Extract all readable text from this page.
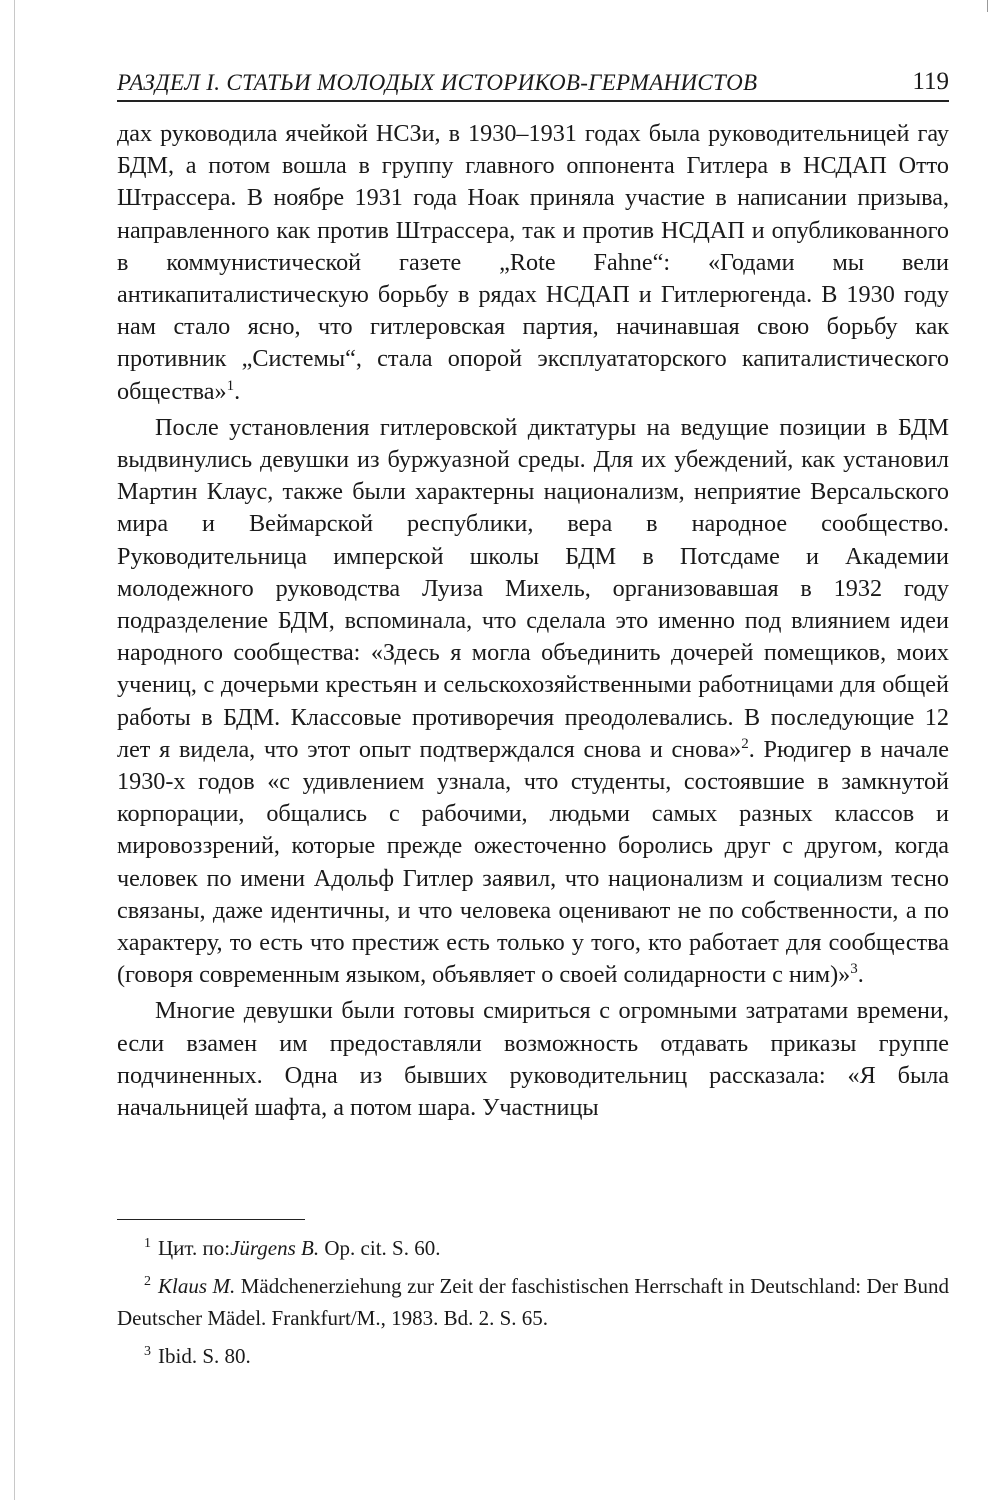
РАЗДЕЛ I. СТАТЬИ МОЛОДЫХ ИСТОРИКОВ-ГЕРМАНИСТОВ	119

дах руководила ячейкой НСЗи, в 1930–1931 годах была руководительницей гау БДМ, а потом вошла в группу главного оппонента Гитлера в НСДАП Отто Штрассера. В ноябре 1931 года Ноак приняла участие в написании призыва, направленного как против Штрассера, так и против НСДАП и опубликованного в коммунистической газете „Rote Fahne“: «Годами мы вели антикапиталистическую борьбу в рядах НСДАП и Гитлерюгенда. В 1930 году нам стало ясно, что гитлеровская партия, начинавшая свою борьбу как противник „Системы“, стала опорой эксплуататорского капиталистического общества»$^1$.

После установления гитлеровской диктатуры на ведущие позиции в БДМ выдвинулись девушки из буржуазной среды. Для их убеждений, как установил Мартин Клаус, также были характерны национализм, неприятие Версальского мира и Веймарской республики, вера в народное сообщество. Руководительница имперской школы БДМ в Потсдаме и Академии молодежного руководства Луиза Михель, организовавшая в 1932 году подразделение БДМ, вспоминала, что сделала это именно под влиянием идеи народного сообщества: «Здесь я могла объединить дочерей помещиков, моих учениц, с дочерьми крестьян и сельскохозяйственными работницами для общей работы в БДМ. Классовые противоречия преодолевались. В последующие 12 лет я видела, что этот опыт подтверждался снова и снова»$^2$. Рюдигер в начале 1930-х годов «с удивлением узнала, что студенты, состоявшие в замкнутой корпорации, общались с рабочими, людьми самых разных классов и мировоззрений, которые прежде ожесточенно боролись друг с другом, когда человек по имени Адольф Гитлер заявил, что национализм и социализм тесно связаны, даже идентичны, и что человека оценивают не по собственности, а по характеру, то есть что престиж есть только у того, кто работает для сообщества (говоря современным языком, объявляет о своей солидарности с ним)»$^3$.

Многие девушки были готовы смириться с огромными затратами времени, если взамен им предоставляли возможность отдавать приказы группе подчиненных. Одна из бывших руководительниц рассказала: «Я была начальницей шафта, а потом шара. Участницы

$^1$ Цит. по:Jürgens B. Op. cit. S. 60.

$^2$ Klaus M. Mädchenerziehung zur Zeit der faschistischen Herrschaft in Deutschland: Der Bund Deutscher Mädel. Frankfurt/M., 1983. Bd. 2. S. 65.

$^3$ Ibid. S. 80.
